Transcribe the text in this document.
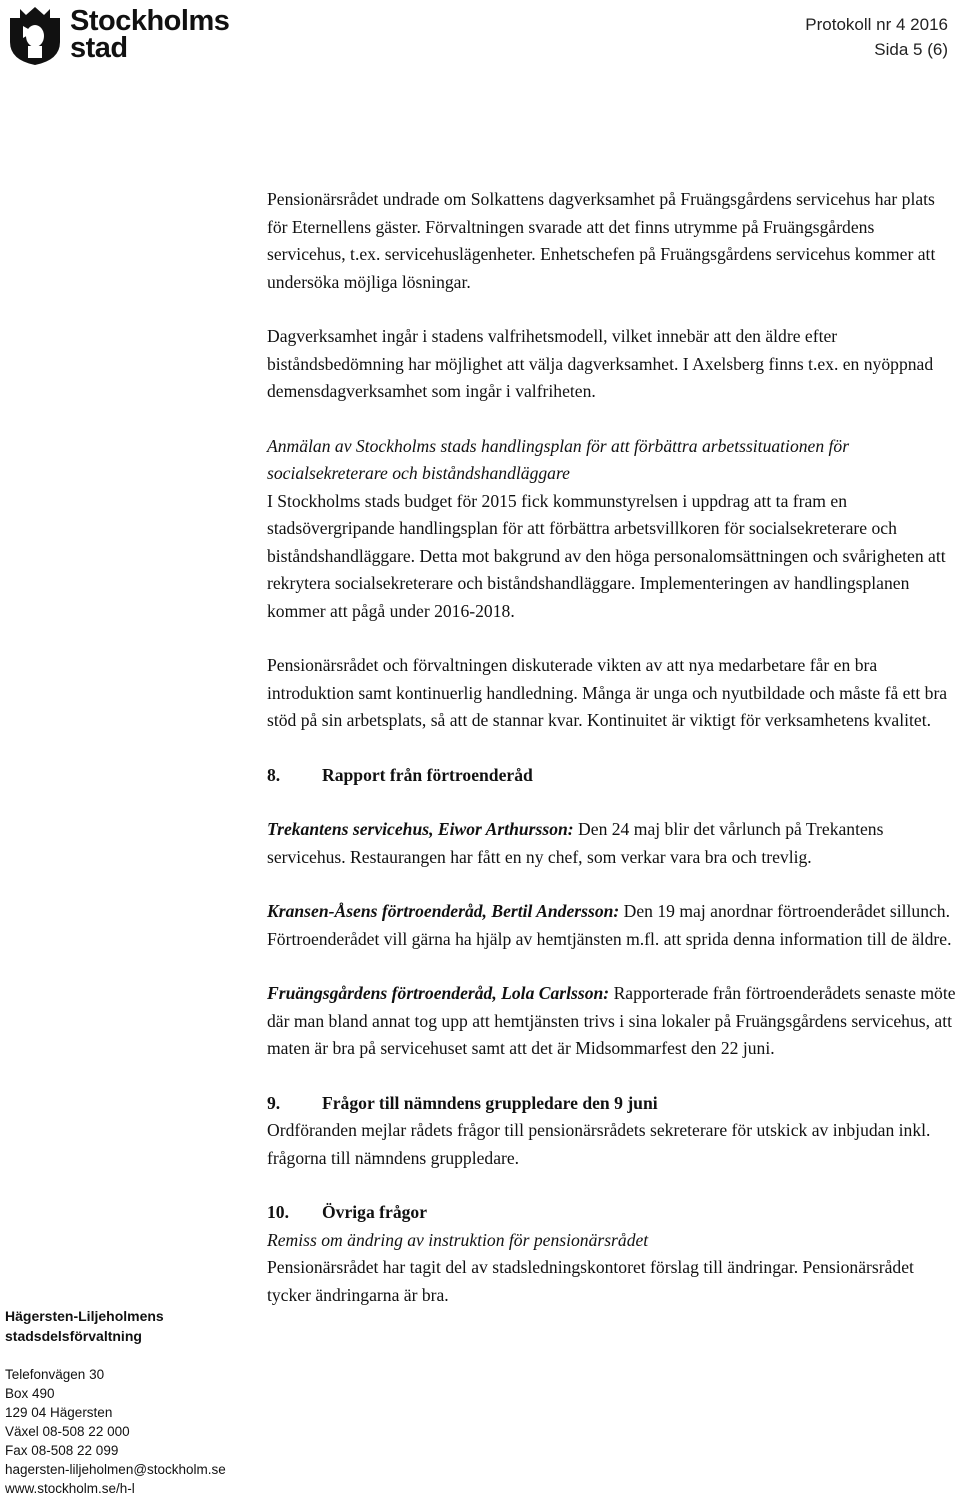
Stockholms
stad
Protokoll nr 4 2016
Sida 5 (6)

Pensionärsrådet undrade om Solkattens dagverksamhet på Fruängsgårdens servicehus har plats för Eternellens gäster. Förvaltningen svarade att det finns utrymme på Fruängsgårdens servicehus, t.ex. servicehuslägenheter. Enhetschefen på Fruängsgårdens servicehus kommer att undersöka möjliga lösningar.

Dagverksamhet ingår i stadens valfrihetsmodell, vilket innebär att den äldre efter biståndsbedömning har möjlighet att välja dagverksamhet. I Axelsberg finns t.ex. en nyöppnad demensdagverksamhet som ingår i valfriheten.

Anmälan av Stockholms stads handlingsplan för att förbättra arbetssituationen för socialsekreterare och biståndshandläggare

I Stockholms stads budget för 2015 fick kommunstyrelsen i uppdrag att ta fram en stadsövergripande handlingsplan för att förbättra arbetsvillkoren för socialsekreterare och biståndshandläggare. Detta mot bakgrund av den höga personalomsättningen och svårigheten att rekrytera socialsekreterare och biståndshandläggare. Implementeringen av handlingsplanen kommer att pågå under 2016-2018.

Pensionärsrådet och förvaltningen diskuterade vikten av att nya medarbetare får en bra introduktion samt kontinuerlig handledning. Många är unga och nyutbildade och måste få ett bra stöd på sin arbetsplats, så att de stannar kvar. Kontinuitet är viktigt för verksamhetens kvalitet.

8. Rapport från förtroenderåd

Trekantens servicehus, Eiwor Arthursson: Den 24 maj blir det vårlunch på Trekantens servicehus. Restaurangen har fått en ny chef, som verkar vara bra och trevlig.

Kransen-Åsens förtroenderåd, Bertil Andersson: Den 19 maj anordnar förtroenderådet sillunch. Förtroenderådet vill gärna ha hjälp av hemtjänsten m.fl. att sprida denna information till de äldre.

Fruängsgårdens förtroenderåd, Lola Carlsson: Rapporterade från förtroenderådets senaste möte där man bland annat tog upp att hemtjänsten trivs i sina lokaler på Fruängsgårdens servicehus, att maten är bra på servicehuset samt att det är Midsommarfest den 22 juni.

9. Frågor till nämndens gruppledare den 9 juni

Ordföranden mejlar rådets frågor till pensionärsrådets sekreterare för utskick av inbjudan inkl. frågorna till nämndens gruppledare.

10. Övriga frågor

Remiss om ändring av instruktion för pensionärsrådet

Pensionärsrådet har tagit del av stadsledningskontoret förslag till ändringar. Pensionärsrådet tycker ändringarna är bra.

Hägersten-Liljeholmens
stadsdelsförvaltning
Telefonvägen 30
Box 490
129 04 Hägersten
Växel 08-508 22 000
Fax 08-508 22 099
hagersten-liljeholmen@stockholm.se
www.stockholm.se/h-l
